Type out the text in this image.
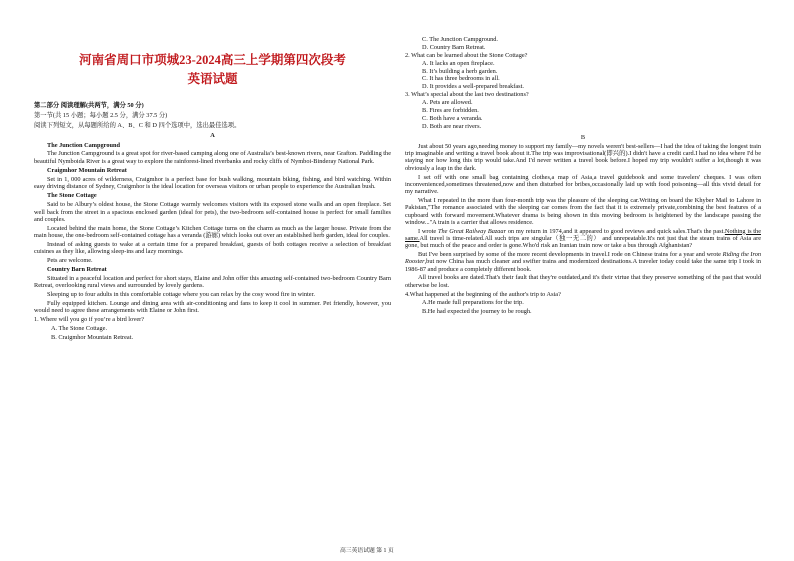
河南省周口市项城23-2024高三上学期第四次段考
英语试题

第二部分 阅读理解(共两节，满分 50 分)

第一节(共 15 小题；每小题 2.5 分，满分 37.5 分)

阅读下列短文，从每题所给的 A、B、C 和 D 四个选项中，选出最佳选项。

A

The Junction Campground

The Junction Campground is a great spot for river-based camping along one of Australia’s best-known rivers, near Grafton. Paddling the beautiful Nymboida River is a great way to explore the rainforest-lined riverbanks and rocky cliffs of Nymboi-Binderay National Park.

Craigmhor Mountain Retreat

Set in 1, 000 acres of wilderness, Craigmhor is a perfect base for bush walking, mountain biking, fishing, and bird watching. Within easy driving distance of Sydney, Craigmhor is the ideal location for overseas visitors or urban people to experience the Australian bush.

The Stone Cottage

Said to be Albury’s oldest house, the Stone Cottage warmly welcomes visitors with its exposed stone walls and an open fireplace. Set well back from the street in a spacious enclosed garden (ideal for pets), the two-bedroom self-contained house is perfect for small families and couples.

Located behind the main home, the Stone Cottage’s Kitchen Cottage turns on the charm as much as the larger house. Private from the main house, the one-bedroom self-contained cottage has a veranda (游廊) which looks out over an established herb garden, ideal for couples.

Instead of asking guests to wake at a certain time for a prepared breakfast, guests of both cottages receive a selection of breakfast cuisines as they like, allowing sleep-ins and lazy mornings.

Pets are welcome.

Country Barn Retreat

Situated in a peaceful location and perfect for short stays, Elaine and John offer this amazing self-contained two-bedroom Country Barn Retreat, overlooking rural views and surrounded by lovely gardens.

Sleeping up to four adults in this comfortable cottage where you can relax by the cosy wood fire in winter.

Fully equipped kitchen. Lounge and dining area with air-conditioning and fans to keep it cool in summer. Pet friendly, however, you would need to agree these arrangements with Elaine or John first.

1. Where will you go if you’re a bird lover?

A. The Stone Cottage.

B. Craigmhor Mountain Retreat.

C. The Junction Campground.

D. Country Barn Retreat.

2. What can be learned about the Stone Cottage?

A. It lacks an open fireplace.

B. It’s building a herb garden.

C. It has three bedrooms in all.

D. It provides a well-prepared breakfast.

3. What’s special about the last two destinations?

A. Pets are allowed.

B. Fires are forbidden.

C. Both have a veranda.

D. Both are near rivers.

B

Just about 50 years ago,needing money to support my family—my novels weren't best-sellers—I had the idea of taking the longest train trip imaginable and writing a travel book about it.The trip was improvisational(即兴的).I didn't have a credit card.I had no idea where I'd be staying nor how long this trip would take.And I'd never written a travel book before.I hoped my trip wouldn't suffer a lot,though it was obviously a leap in the dark.

I set off with one small bag containing clothes,a map of Asia,a travel guidebook and some travelers' cheques. I was often inconvenienced,sometimes threatened,now and then disturbed for bribes,occasionally laid up with food poisoning—all this vivid detail for my narrative.

What I repeated in the more than four-month trip was the pleasure of the sleeping car.Writing on board the Khyber Mail to Lahore in Pakistan,"The romance associated with the sleeping car comes from the fact that it is extremely private,combining the best features of a cupboard with forward movement.Whatever drama is being shown in this moving bedroom is heightened by the landscape passing the window..."A train is a carrier that allows residence.

I wrote The Great Railway Bazaar on my return in 1974,and it appeared to good reviews and quick sales.That's the past.Nothing is the same.All travel is time-related.All such trips are singular（独一无二的） and unrepeatable.It's not just that the steam trains of Asia are gone, but much of the peace and order is gone.Who'd risk an Iranian train now or take a bus through Afghanistan?

But I've been surprised by some of the more recent developments in travel.I rode on Chinese trains for a year and wrote Riding the Iron Rooster,but now China has much cleaner and swifter trains and modernized destinations.A traveler today could take the same trip I took in 1986-87 and produce a completely different book.

All travel books are dated.That's their fault that they're outdated,and it's their virtue that they preserve something of the past that would otherwise be lost.

4.What happened at the beginning of the author's trip to Asia?

A.He made full preparations for the trip.

B.He had expected the journey to be rough.

高三英语试题 第 1 页
